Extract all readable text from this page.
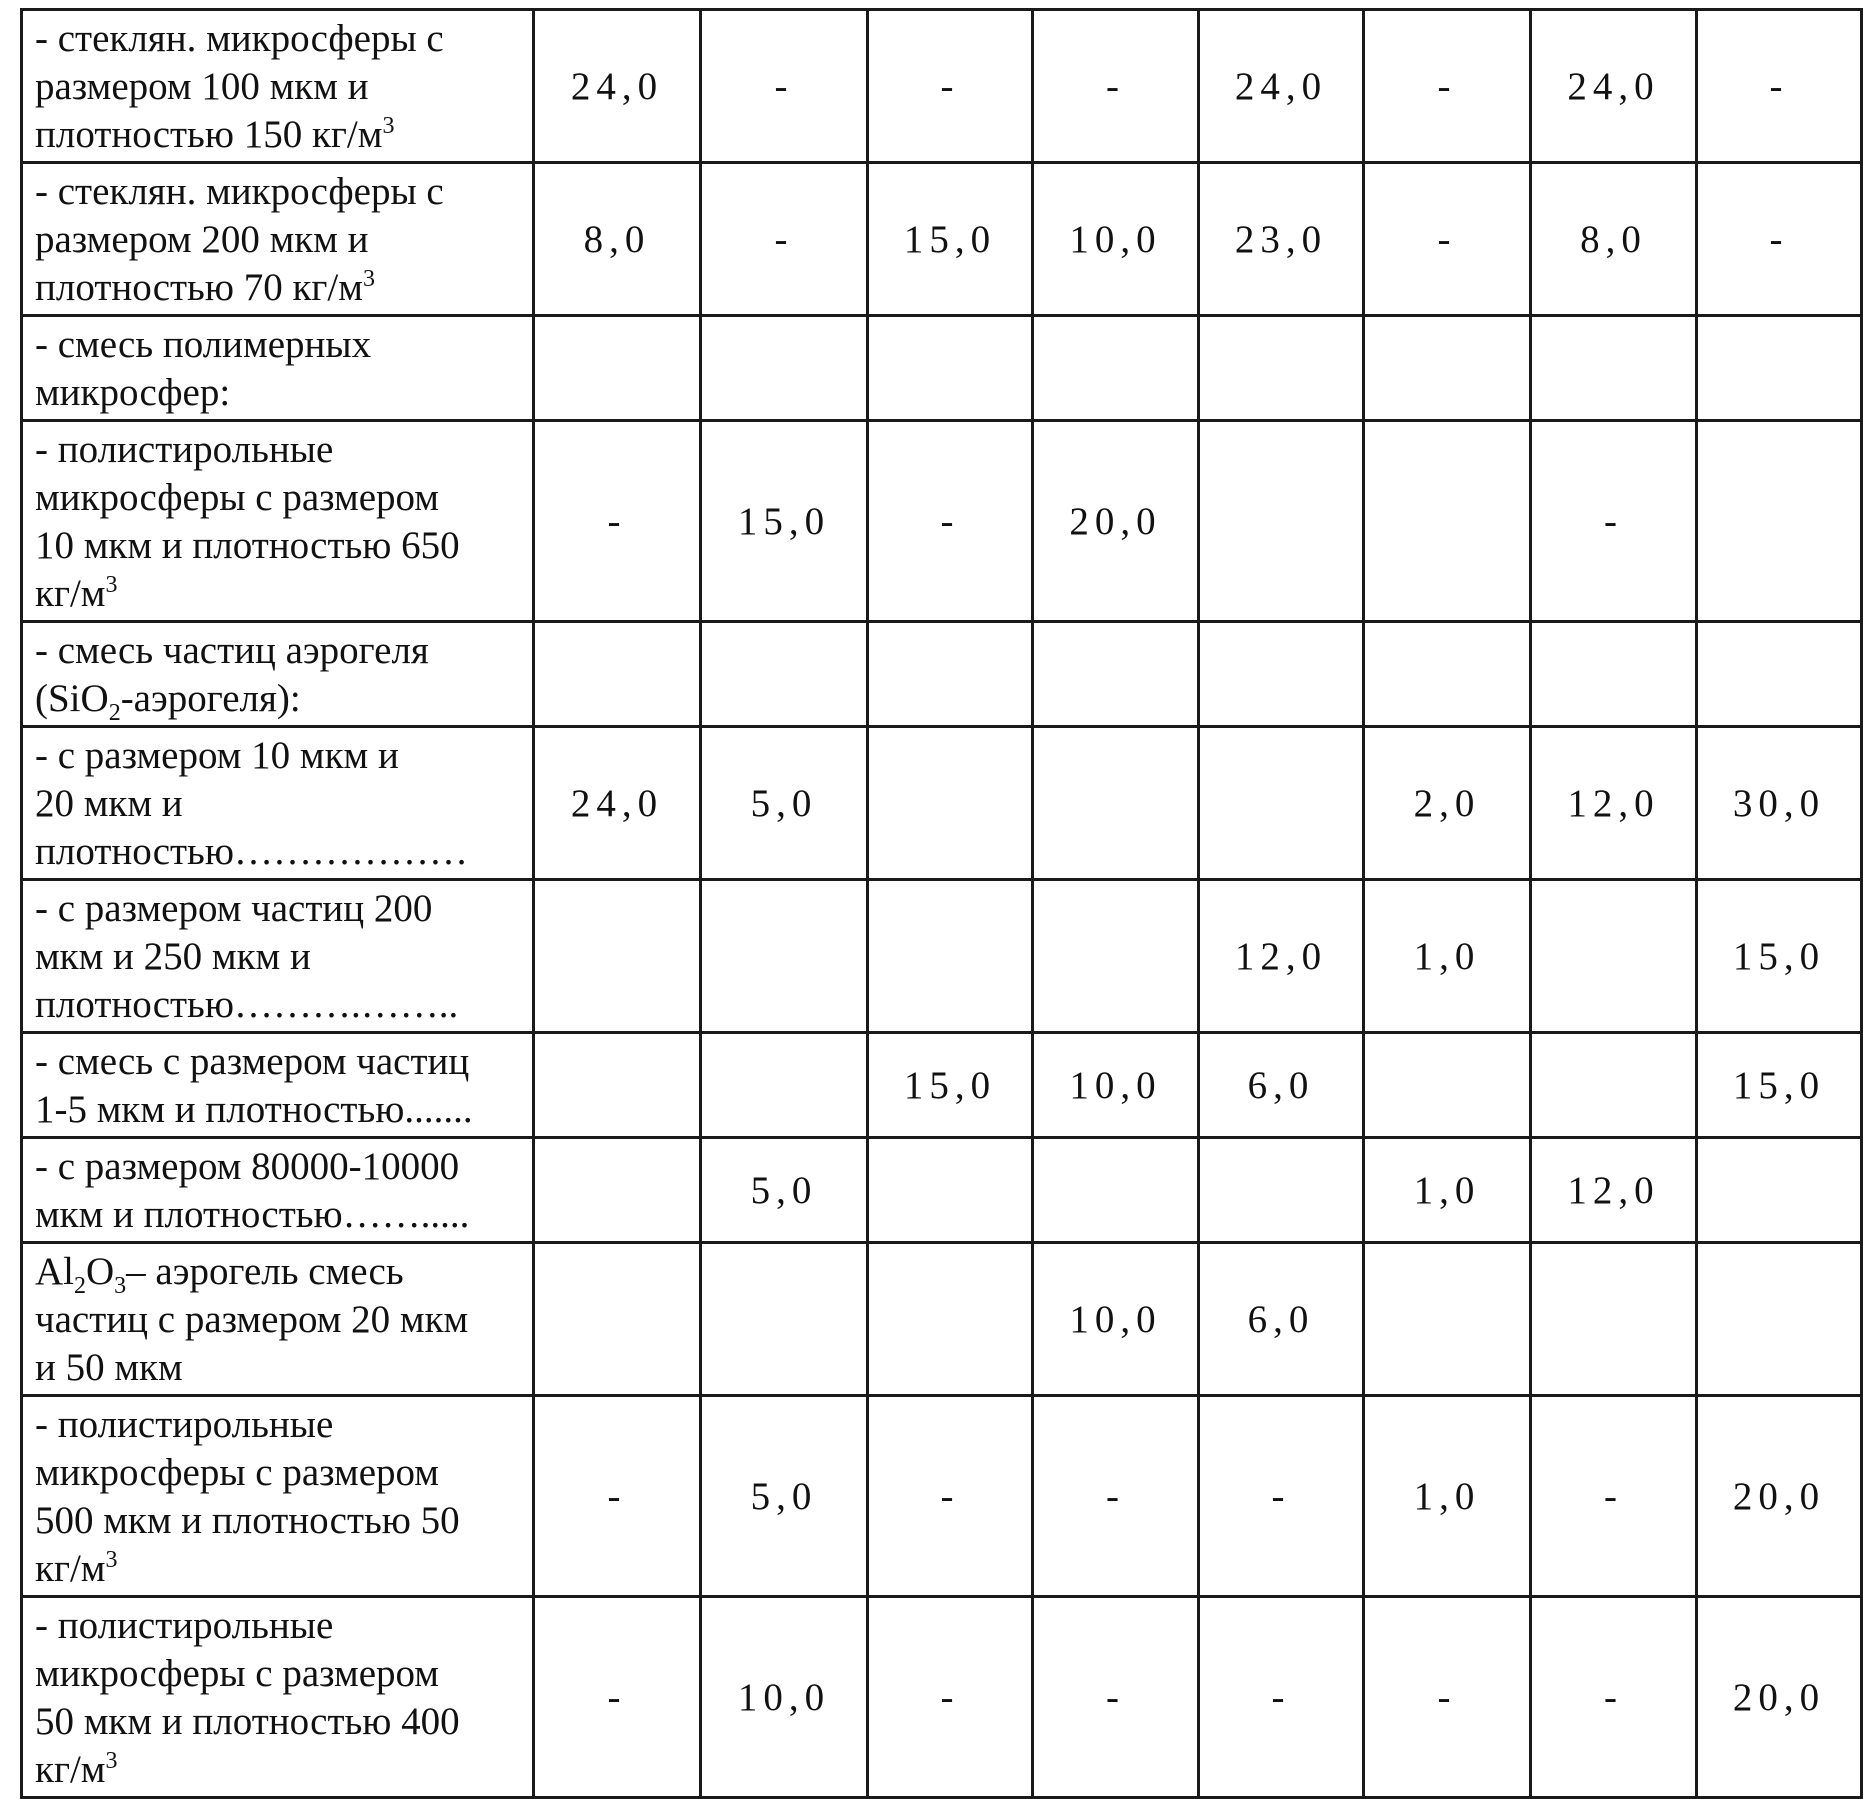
- стеклян. микросферы с
размером 100 мкм и
плотностью 150 $кг/м^3$	24,0	-	-	-	24,0	-	24,0	-

- стеклян. микросферы с
размером 200 мкм и
плотностью 70 $кг/м^3$	8,0	-	15,0	10,0	23,0	-	8,0	-

- смесь полимерных
микросфер:								

- полистирольные
микросферы с размером
10 мкм и плотностью 650
$кг/м^3$	-	15,0	-	20,0			-	

- смесь частиц аэрогеля
(SiO$_2$-аэрогеля):								

- с размером 10 мкм и
20 мкм и
плотностью………………	24,0	5,0				2,0	12,0	30,0

- с размером частиц 200
мкм и 250 мкм и
плотностью……….……..					12,0	1,0		15,0

- смесь с размером частиц
1-5 мкм и плотностью.......			15,0	10,0	6,0			15,0

- с размером 80000-10000
мкм и плотностью…….....		5,0				1,0	12,0	

$Al_2O_3-$ аэрогель смесь
частиц с размером 20 мкм
и 50 мкм				10,0	6,0			

- полистирольные
микросферы с размером
500 мкм и плотностью 50
$кг/м^3$	-	5,0	-	-	-	1,0	-	20,0

- полистирольные
микросферы с размером
50 мкм и плотностью 400
$кг/м^3$	-	10,0	-	-	-	-	-	20,0
